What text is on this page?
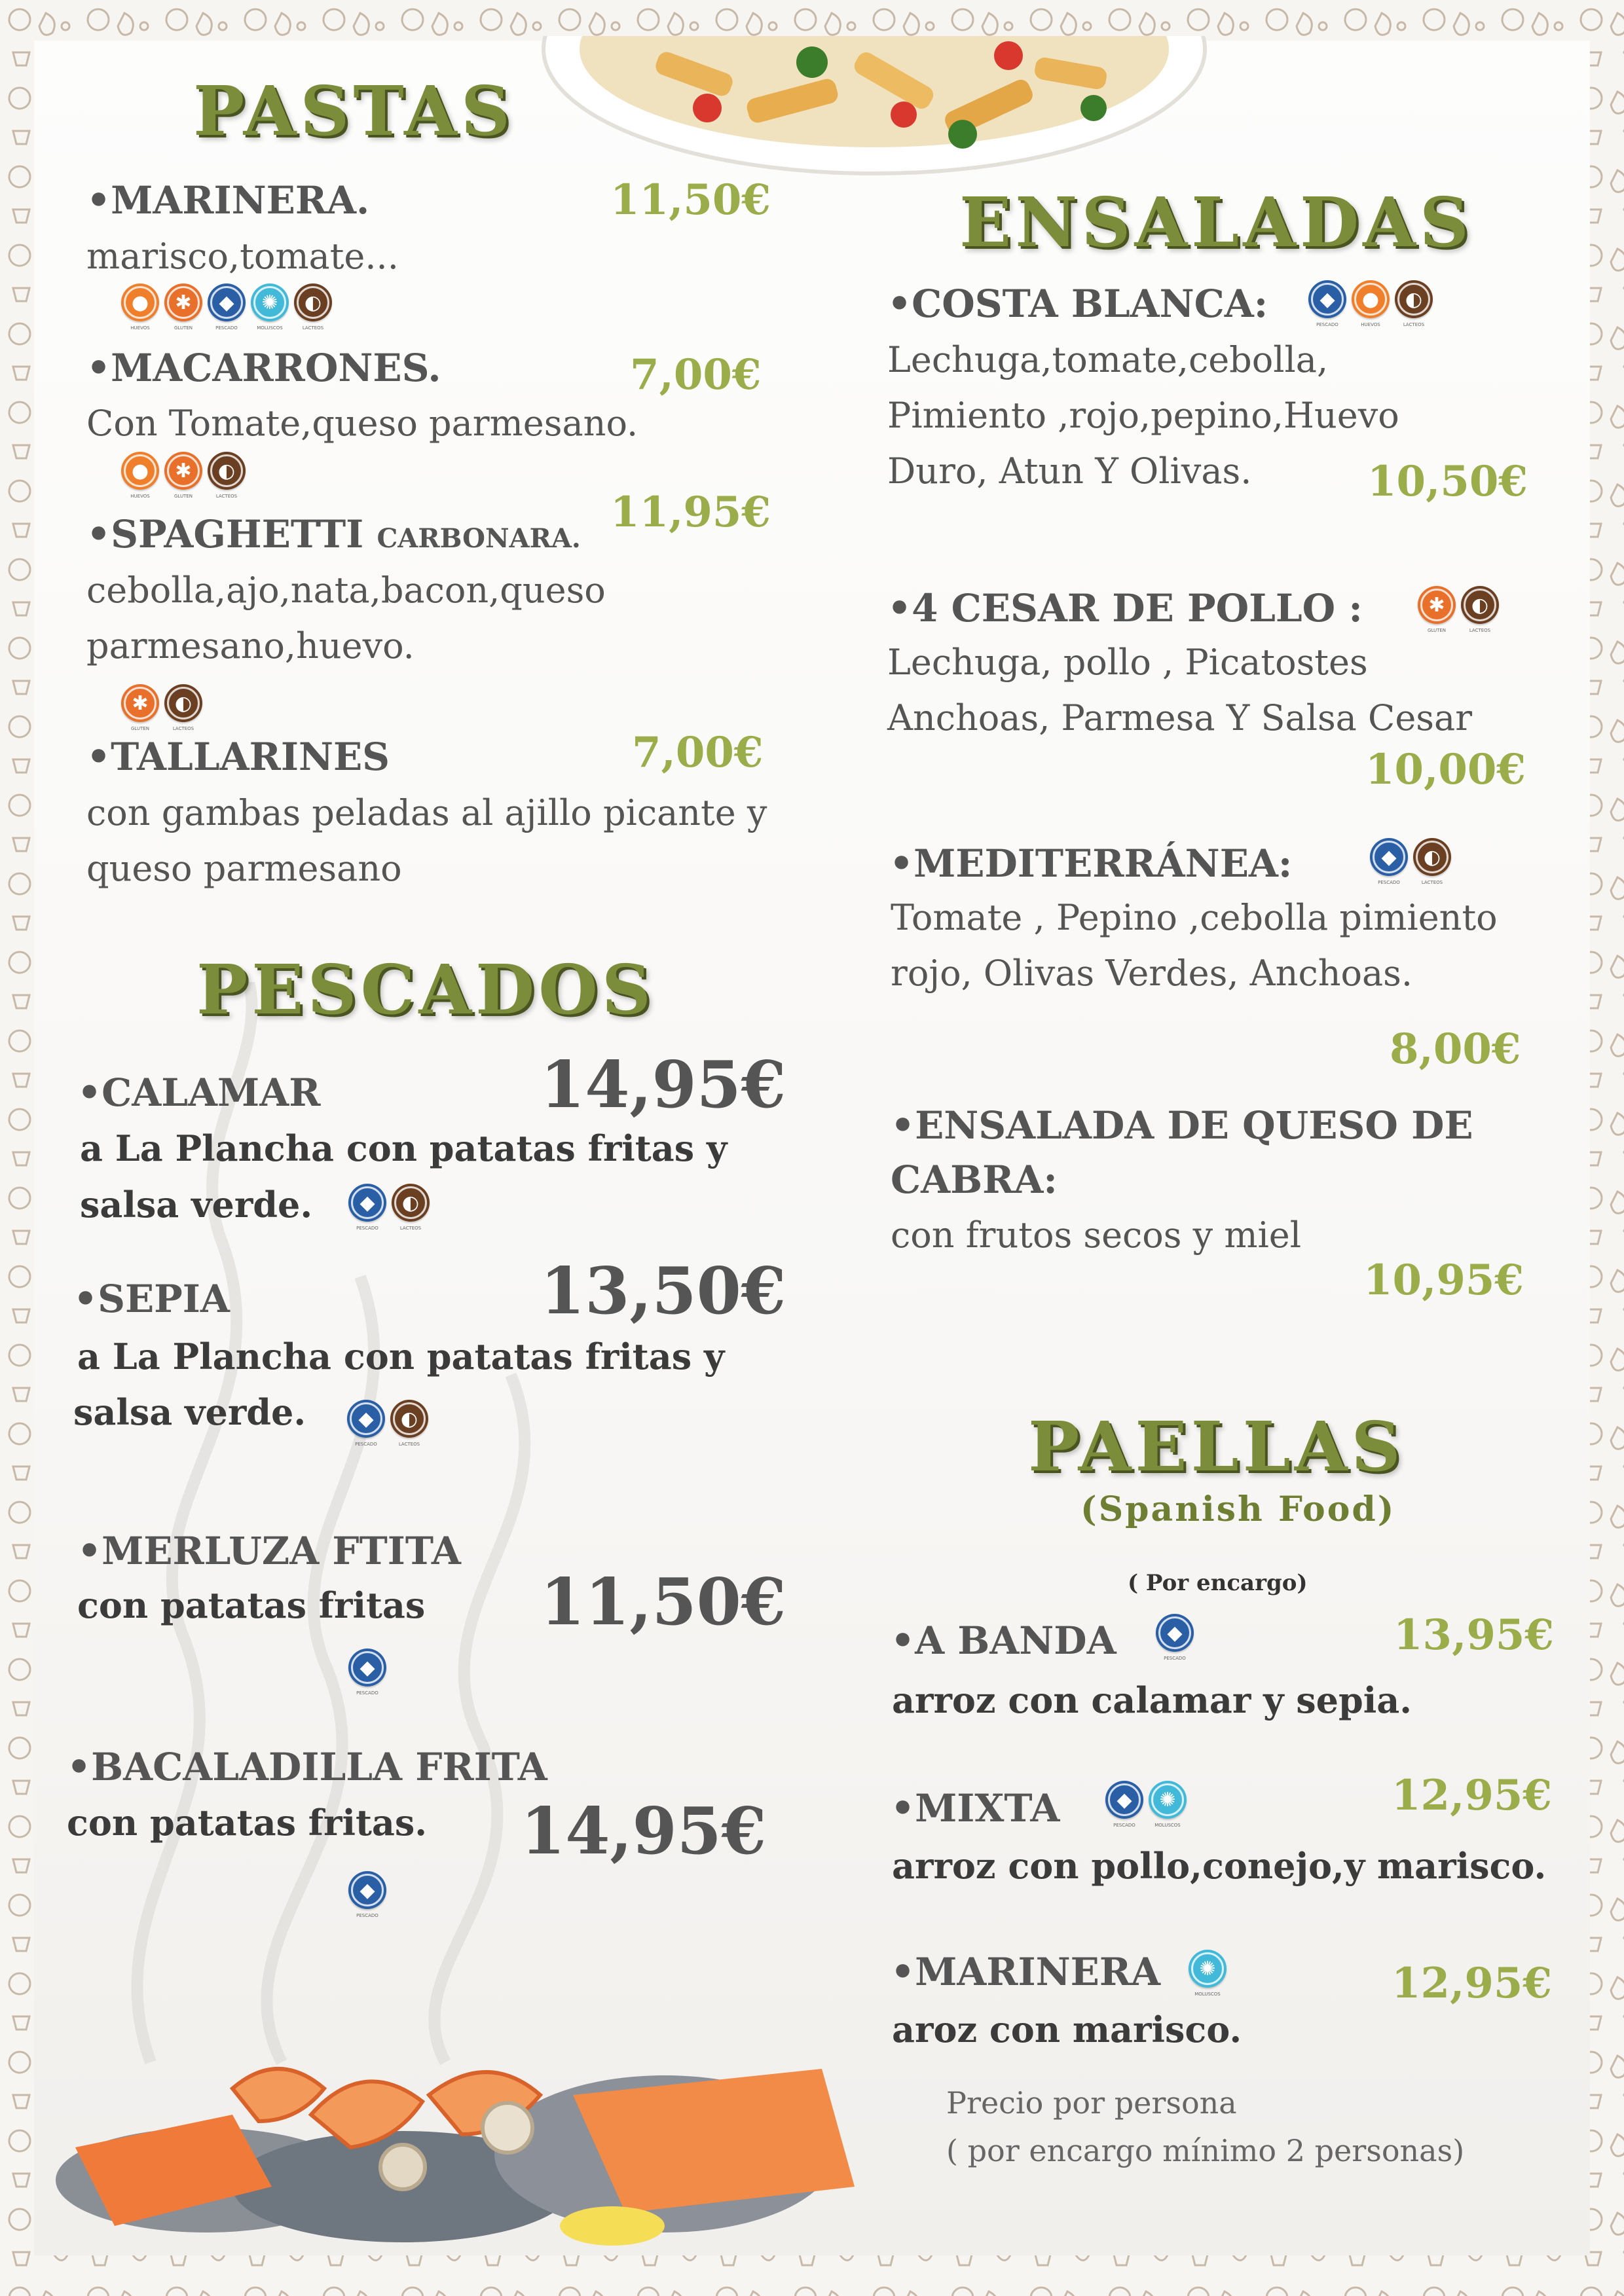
PASTAS
•MARINERA.	11,50€
marisco,tomate...
●
HUEVOS
✱
GLUTEN
◆
PESCADO
✺
MOLUSCOS
◐
LACTEOS
•MACARRONES.	7,00€
Con Tomate,queso parmesano.
●
HUEVOS
✱
GLUTEN
◐
LACTEOS
•SPAGHETTI CARBONARA.
11,95€
cebolla,ajo,nata,bacon,queso
parmesano,huevo.
✱
GLUTEN
◐
LACTEOS
•TALLARINES	7,00€
con gambas peladas al ajillo picante y
queso parmesano
PESCADOS
•CALAMAR	14,95€
a La Plancha con patatas fritas y
salsa verde. ◆
PESCADO
◐
LACTEOS
•SEPIA	13,50€
a La Plancha con patatas fritas y
salsa verde.	◆
PESCADO
◐
LACTEOS
•MERLUZA FTITA
11,50€
con patatas fritas
◆
PESCADO
•BACALADILLA FRITA
14,95€
con patatas fritas.
◆
PESCADO
ENSALADAS
•COSTA BLANCA:	◆
PESCADO
●
HUEVOS
◐
LACTEOS
Lechuga,tomate,cebolla,
Pimiento ,rojo,pepino,Huevo
Duro, Atun Y Olivas.	10,50€
•4 CESAR DE POLLO :	✱
GLUTEN
◐
LACTEOS
Lechuga, pollo , Picatostes
Anchoas, Parmesa Y Salsa Cesar
10,00€
•MEDITERRÁNEA:	◆
PESCADO
◐
LACTEOS
Tomate , Pepino ,cebolla pimiento
rojo, Olivas Verdes, Anchoas.
8,00€
•ENSALADA DE QUESO DE
CABRA:
con frutos secos y miel
10,95€
PAELLAS
(Spanish Food)
( Por encargo)
•A BANDA	◆
PESCADO	13,95€
arroz con calamar y sepia.
•MIXTA	◆
PESCADO
✺
MOLUSCOS
12,95€
arroz con pollo,conejo,y marisco.
•MARINERA ✺
MOLUSCOS	12,95€
aroz con marisco.
Precio por persona
( por encargo mínimo 2 personas)
